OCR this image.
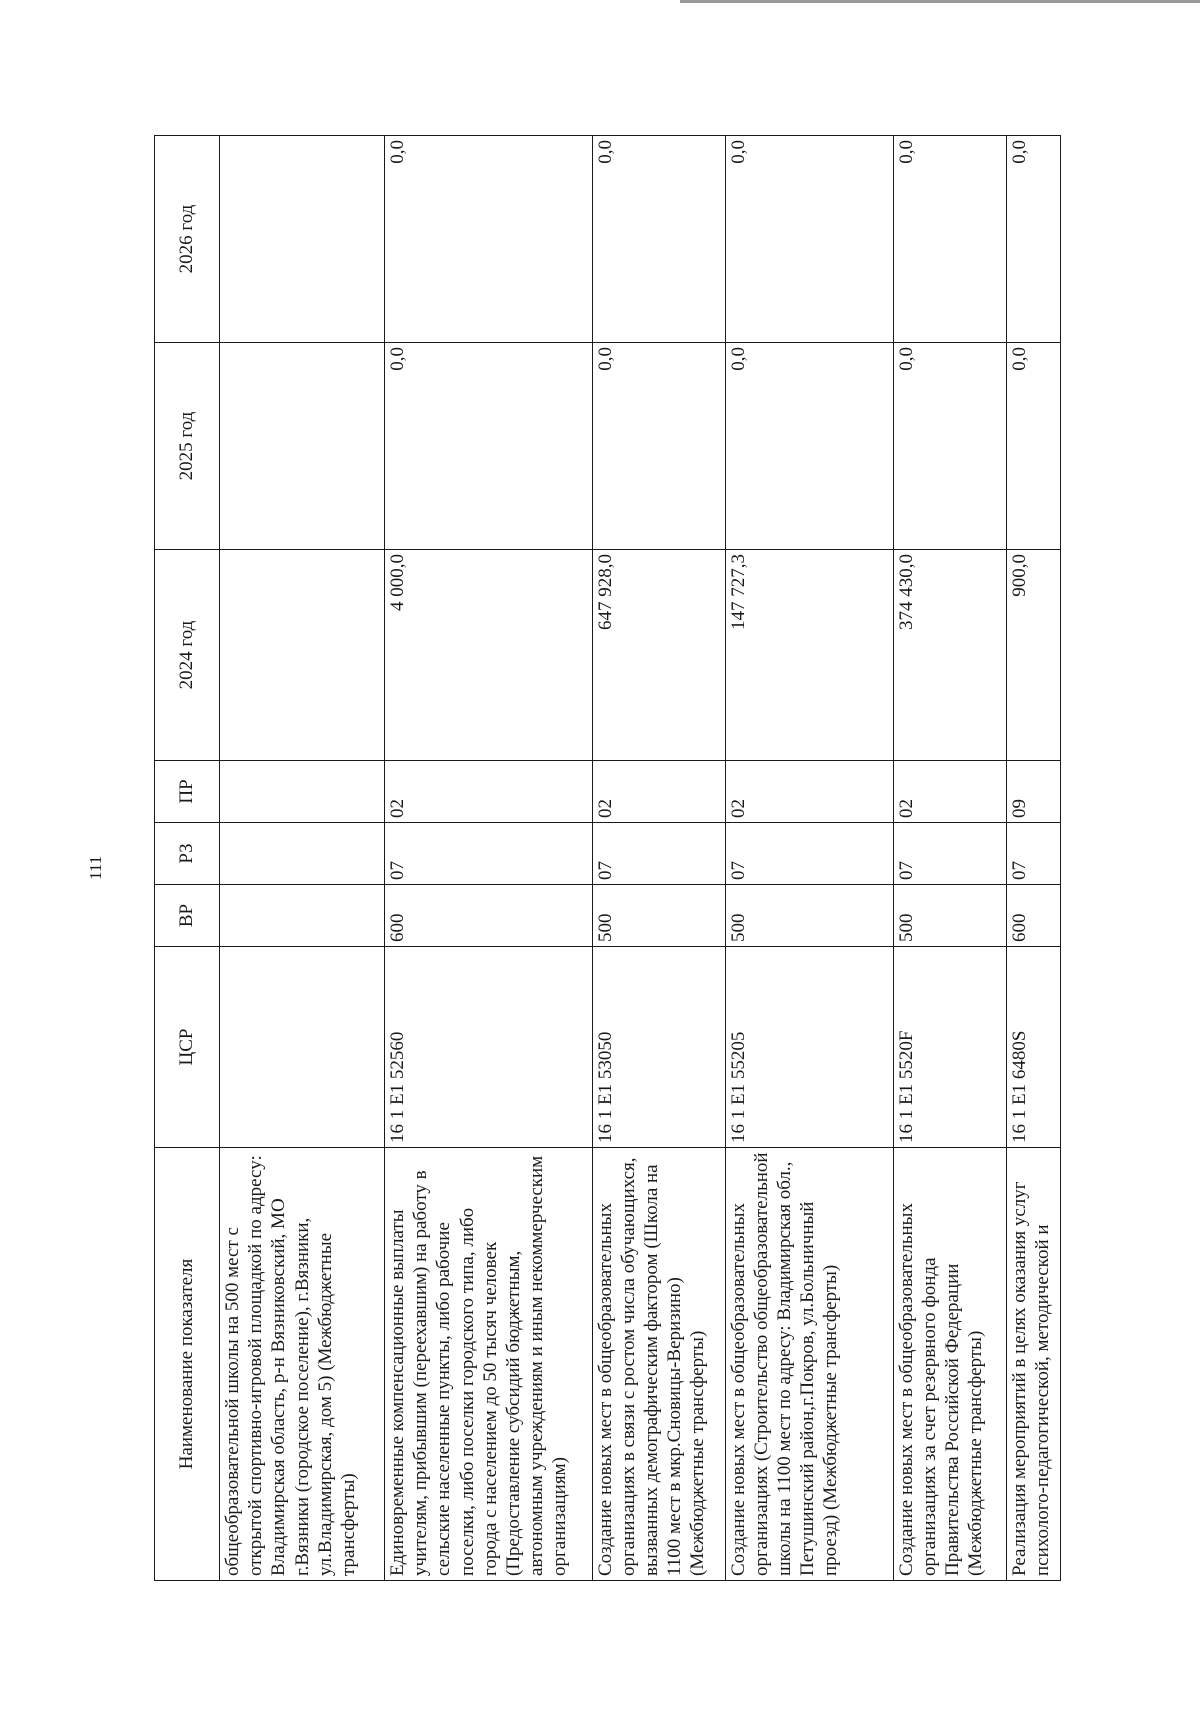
111
Наименование показателя	ЦСР	ВР	РЗ	ПР	2024 год	2025 год	2026 год
общеобразовательной школы на 500 мест с открытой спортивно-игровой площадкой по адресу: Владимирская область, р-н Вязниковский, МО г.Вязники (городское поселение), г.Вязники, ул.Владимирская, дом 5) (Межбюджетные трансферты)							
Единовременные компенсационные выплаты учителям, прибывшим (переехавшим) на работу в сельские населенные пункты, либо рабочие поселки, либо поселки городского типа, либо города с населением до 50 тысяч человек (Предоставление субсидий бюджетным, автономным учреждениям и иным некоммерческим организациям)	16 1 Е1 52560	600	07	02	4 000,0	0,0	0,0
Создание новых мест в общеобразовательных организациях в связи с ростом числа обучающихся, вызванных демографическим фактором (Школа на 1100 мест в мкр.Сновицы-Веризино) (Межбюджетные трансферты)	16 1 Е1 53050	500	07	02	647 928,0	0,0	0,0
Создание новых мест в общеобразовательных организациях (Строительство общеобразовательной школы на 1100 мест по адресу: Владимирская обл., Петушинский район,г.Покров, ул.Больничный проезд) (Межбюджетные трансферты)	16 1 Е1 55205	500	07	02	147 727,3	0,0	0,0
Создание новых мест в общеобразовательных организациях за счет резервного фонда Правительства Российской Федерации (Межбюджетные трансферты)	16 1 Е1 5520F	500	07	02	374 430,0	0,0	0,0
Реализация мероприятий в целях оказания услуг психолого-педагогической, методической и	16 1 Е1 6480S	600	07	09	900,0	0,0	0,0
